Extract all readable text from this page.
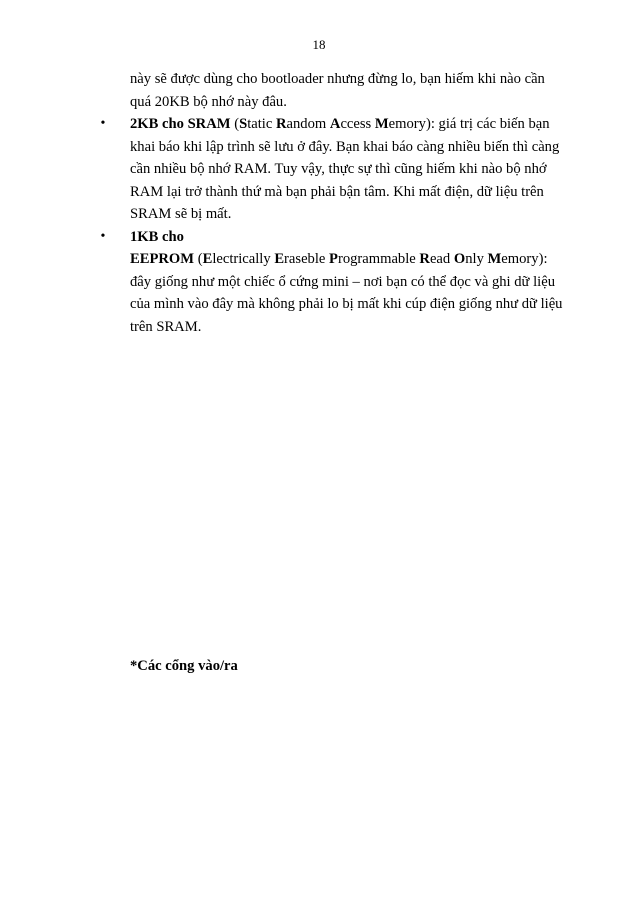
18

này sẽ được dùng cho bootloader nhưng đừng lo, bạn hiếm khi nào cần
quá 20KB bộ nhớ này đâu.

• 2KB cho SRAM (Static Random Access Memory): giá trị các biến bạn
khai báo khi lập trình sẽ lưu ở đây. Bạn khai báo càng nhiều biến thì càng
cần nhiều bộ nhớ RAM. Tuy vậy, thực sự thì cũng hiếm khi nào bộ nhớ
RAM lại trở thành thứ mà bạn phải bận tâm. Khi mất điện, dữ liệu trên
SRAM sẽ bị mất.
• 1KB cho
EEPROM (Electrically Eraseble Programmable Read Only Memory):
đây giống như một chiếc ổ cứng mini – nơi bạn có thể đọc và ghi dữ liệu
của mình vào đây mà không phải lo bị mất khi cúp điện giống như dữ liệu
trên SRAM.
*Các cổng vào/ra
